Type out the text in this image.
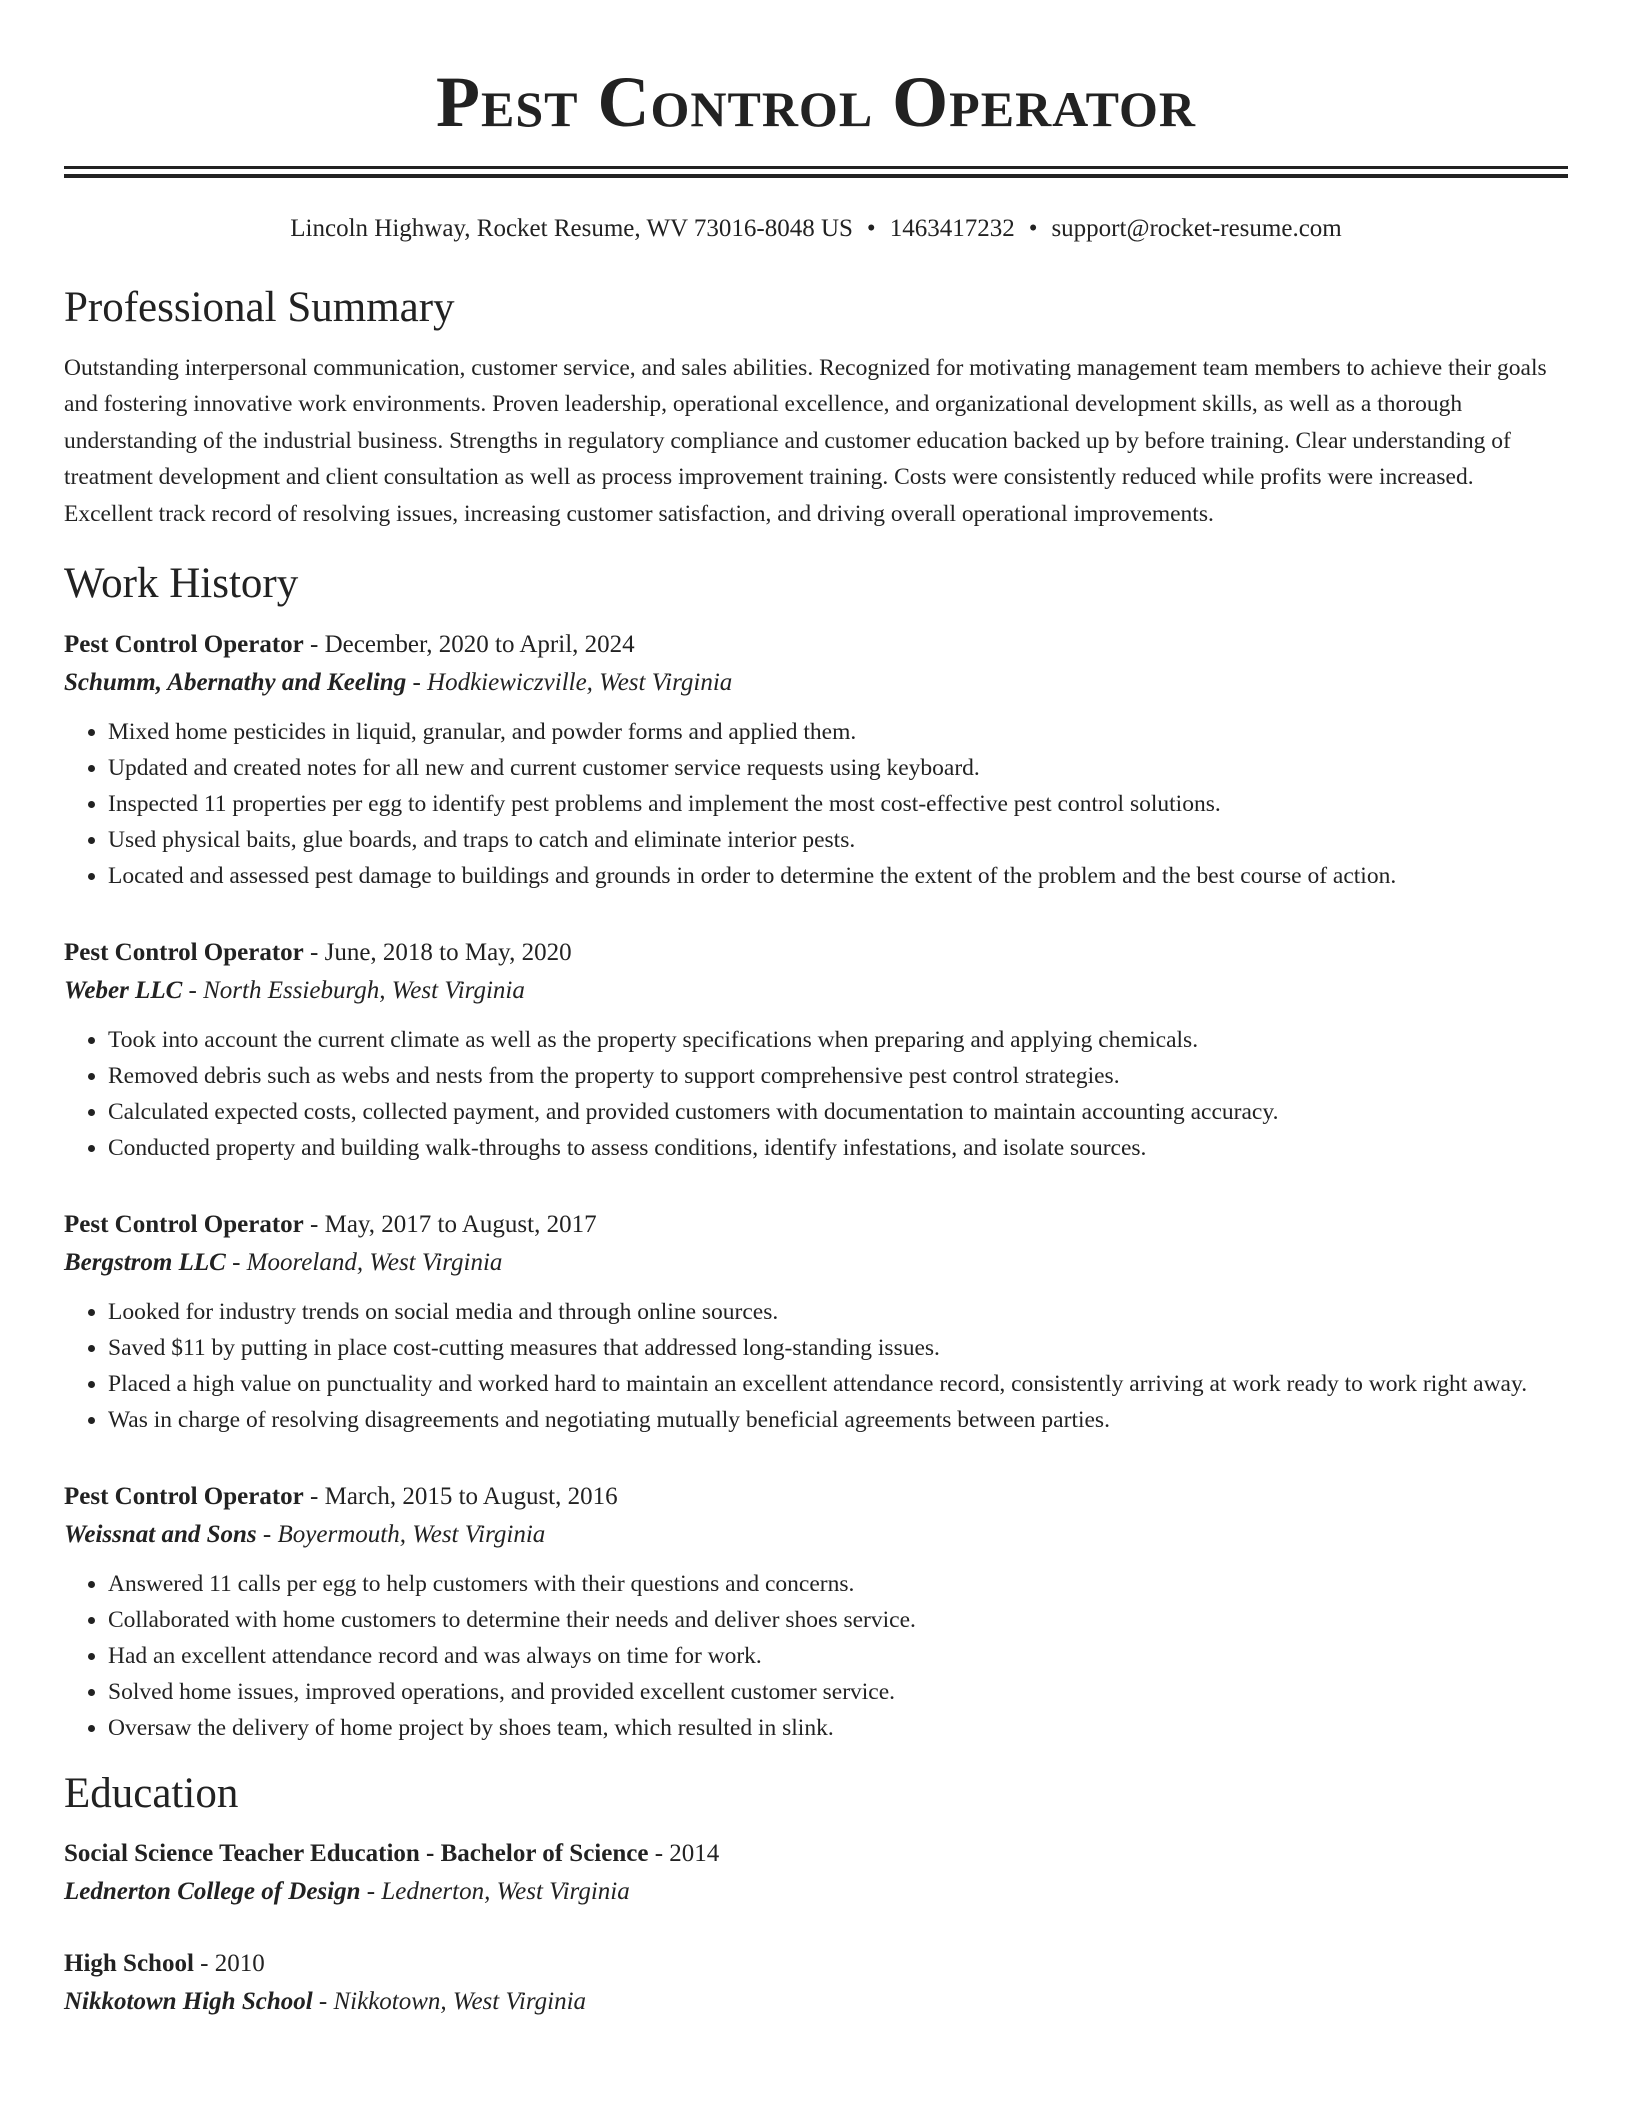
Pest Control Operator
Lincoln Highway, Rocket Resume, WV 73016-8048 US • 1463417232 • support@rocket-resume.com
Professional Summary
Outstanding interpersonal communication, customer service, and sales abilities. Recognized for motivating management team members to achieve their goals and fostering innovative work environments. Proven leadership, operational excellence, and organizational development skills, as well as a thorough understanding of the industrial business. Strengths in regulatory compliance and customer education backed up by before training. Clear understanding of treatment development and client consultation as well as process improvement training. Costs were consistently reduced while profits were increased. Excellent track record of resolving issues, increasing customer satisfaction, and driving overall operational improvements.
Work History
Pest Control Operator - December, 2020 to April, 2024
Schumm, Abernathy and Keeling - Hodkiewiczville, West Virginia
• Mixed home pesticides in liquid, granular, and powder forms and applied them.
• Updated and created notes for all new and current customer service requests using keyboard.
• Inspected 11 properties per egg to identify pest problems and implement the most cost-effective pest control solutions.
• Used physical baits, glue boards, and traps to catch and eliminate interior pests.
• Located and assessed pest damage to buildings and grounds in order to determine the extent of the problem and the best course of action.
Pest Control Operator - June, 2018 to May, 2020
Weber LLC - North Essieburgh, West Virginia
• Took into account the current climate as well as the property specifications when preparing and applying chemicals.
• Removed debris such as webs and nests from the property to support comprehensive pest control strategies.
• Calculated expected costs, collected payment, and provided customers with documentation to maintain accounting accuracy.
• Conducted property and building walk-throughs to assess conditions, identify infestations, and isolate sources.
Pest Control Operator - May, 2017 to August, 2017
Bergstrom LLC - Mooreland, West Virginia
• Looked for industry trends on social media and through online sources.
• Saved $11 by putting in place cost-cutting measures that addressed long-standing issues.
• Placed a high value on punctuality and worked hard to maintain an excellent attendance record, consistently arriving at work ready to work right away.
• Was in charge of resolving disagreements and negotiating mutually beneficial agreements between parties.
Pest Control Operator - March, 2015 to August, 2016
Weissnat and Sons - Boyermouth, West Virginia
• Answered 11 calls per egg to help customers with their questions and concerns.
• Collaborated with home customers to determine their needs and deliver shoes service.
• Had an excellent attendance record and was always on time for work.
• Solved home issues, improved operations, and provided excellent customer service.
• Oversaw the delivery of home project by shoes team, which resulted in slink.
Education
Social Science Teacher Education - Bachelor of Science - 2014
Lednerton College of Design - Lednerton, West Virginia
High School - 2010
Nikkotown High School - Nikkotown, West Virginia
